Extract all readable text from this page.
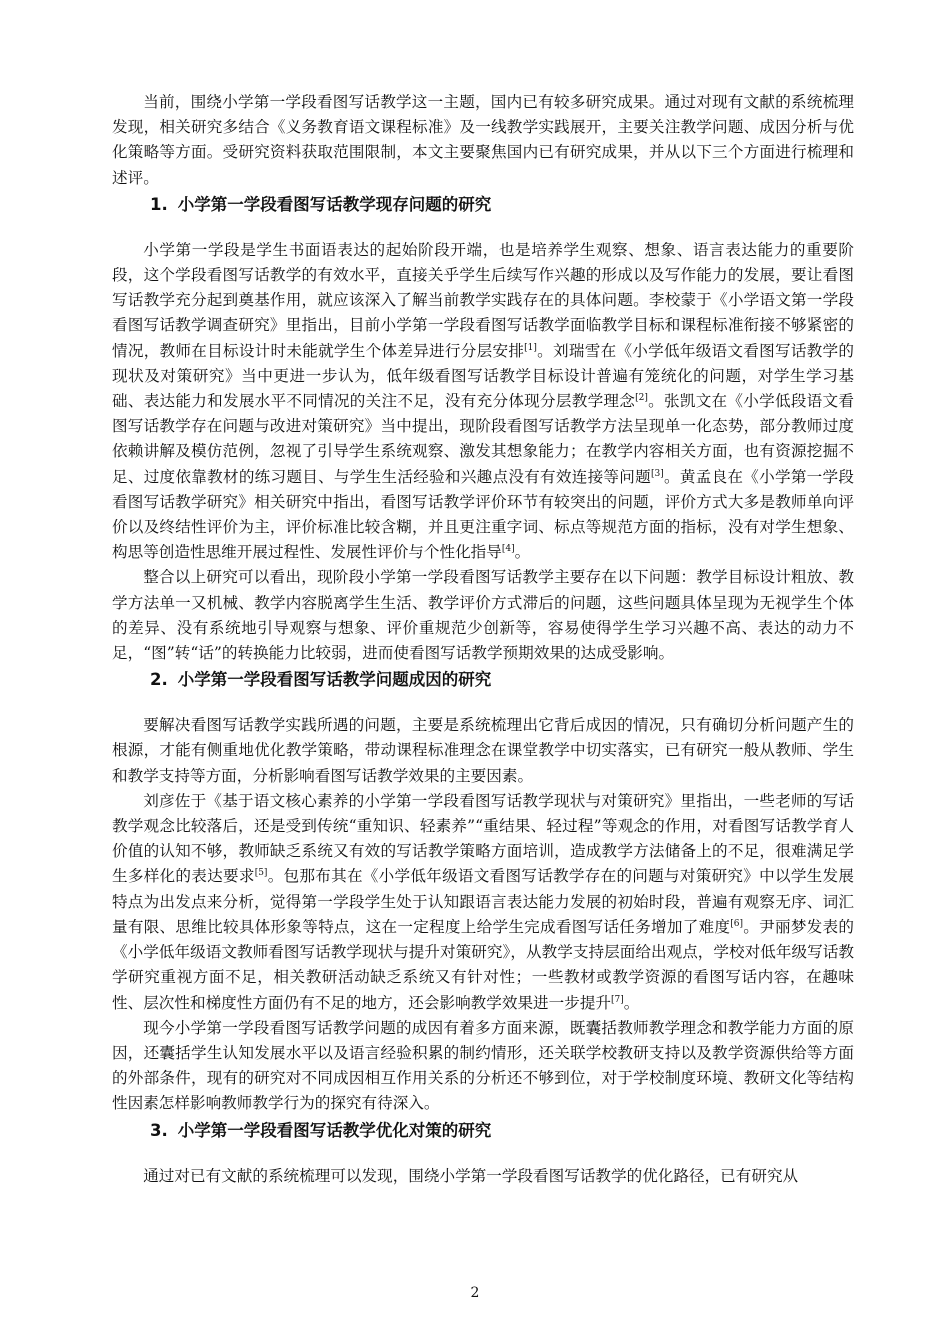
当前，围绕小学第一学段看图写话教学这一主题，国内已有较多研究成果。通过对现有文献的系统梳理发现，相关研究多结合《义务教育语文课程标准》及一线教学实践展开，主要关注教学问题、成因分析与优化策略等方面。受研究资料获取范围限制，本文主要聚焦国内已有研究成果，并从以下三个方面进行梳理和述评。

1. 小学第一学段看图写话教学现存问题的研究

小学第一学段是学生书面语表达的起始阶段开端，也是培养学生观察、想象、语言表达能力的重要阶段，这个学段看图写话教学的有效水平，直接关乎学生后续写作兴趣的形成以及写作能力的发展，要让看图写话教学充分起到奠基作用，就应该深入了解当前教学实践存在的具体问题。李校蒙于《小学语文第一学段看图写话教学调查研究》里指出，目前小学第一学段看图写话教学面临教学目标和课程标准衔接不够紧密的情况，教师在目标设计时未能就学生个体差异进行分层安排[1]。刘瑞雪在《小学低年级语文看图写话教学的现状及对策研究》当中更进一步认为，低年级看图写话教学目标设计普遍有笼统化的问题，对学生学习基础、表达能力和发展水平不同情况的关注不足，没有充分体现分层教学理念[2]。张凯文在《小学低段语文看图写话教学存在问题与改进对策研究》当中提出，现阶段看图写话教学方法呈现单一化态势，部分教师过度依赖讲解及模仿范例，忽视了引导学生系统观察、激发其想象能力；在教学内容相关方面，也有资源挖掘不足、过度依靠教材的练习题目、与学生生活经验和兴趣点没有有效连接等问题[3]。黄孟良在《小学第一学段看图写话教学研究》相关研究中指出，看图写话教学评价环节有较突出的问题，评价方式大多是教师单向评价以及终结性评价为主，评价标准比较含糊，并且更注重字词、标点等规范方面的指标，没有对学生想象、构思等创造性思维开展过程性、发展性评价与个性化指导[4]。

整合以上研究可以看出，现阶段小学第一学段看图写话教学主要存在以下问题：教学目标设计粗放、教学方法单一又机械、教学内容脱离学生生活、教学评价方式滞后的问题，这些问题具体呈现为无视学生个体的差异、没有系统地引导观察与想象、评价重规范少创新等，容易使得学生学习兴趣不高、表达的动力不足，“图”转“话”的转换能力比较弱，进而使看图写话教学预期效果的达成受影响。

2. 小学第一学段看图写话教学问题成因的研究

要解决看图写话教学实践所遇的问题，主要是系统梳理出它背后成因的情况，只有确切分析问题产生的根源，才能有侧重地优化教学策略，带动课程标准理念在课堂教学中切实落实，已有研究一般从教师、学生和教学支持等方面，分析影响看图写话教学效果的主要因素。

刘彦佐于《基于语文核心素养的小学第一学段看图写话教学现状与对策研究》里指出，一些老师的写话教学观念比较落后，还是受到传统“重知识、轻素养”“重结果、轻过程”等观念的作用，对看图写话教学育人价值的认知不够，教师缺乏系统又有效的写话教学策略方面培训，造成教学方法储备上的不足，很难满足学生多样化的表达要求[5]。包那布其在《小学低年级语文看图写话教学存在的问题与对策研究》中以学生发展特点为出发点来分析，觉得第一学段学生处于认知跟语言表达能力发展的初始时段，普遍有观察无序、词汇量有限、思维比较具体形象等特点，这在一定程度上给学生完成看图写话任务增加了难度[6]。尹丽梦发表的《小学低年级语文教师看图写话教学现状与提升对策研究》，从教学支持层面给出观点，学校对低年级写话教学研究重视方面不足，相关教研活动缺乏系统又有针对性；一些教材或教学资源的看图写话内容，在趣味性、层次性和梯度性方面仍有不足的地方，还会影响教学效果进一步提升[7]。

现今小学第一学段看图写话教学问题的成因有着多方面来源，既囊括教师教学理念和教学能力方面的原因，还囊括学生认知发展水平以及语言经验积累的制约情形，还关联学校教研支持以及教学资源供给等方面的外部条件，现有的研究对不同成因相互作用关系的分析还不够到位，对于学校制度环境、教研文化等结构性因素怎样影响教师教学行为的探究有待深入。

3. 小学第一学段看图写话教学优化对策的研究

通过对已有文献的系统梳理可以发现，围绕小学第一学段看图写话教学的优化路径，已有研究从

2
